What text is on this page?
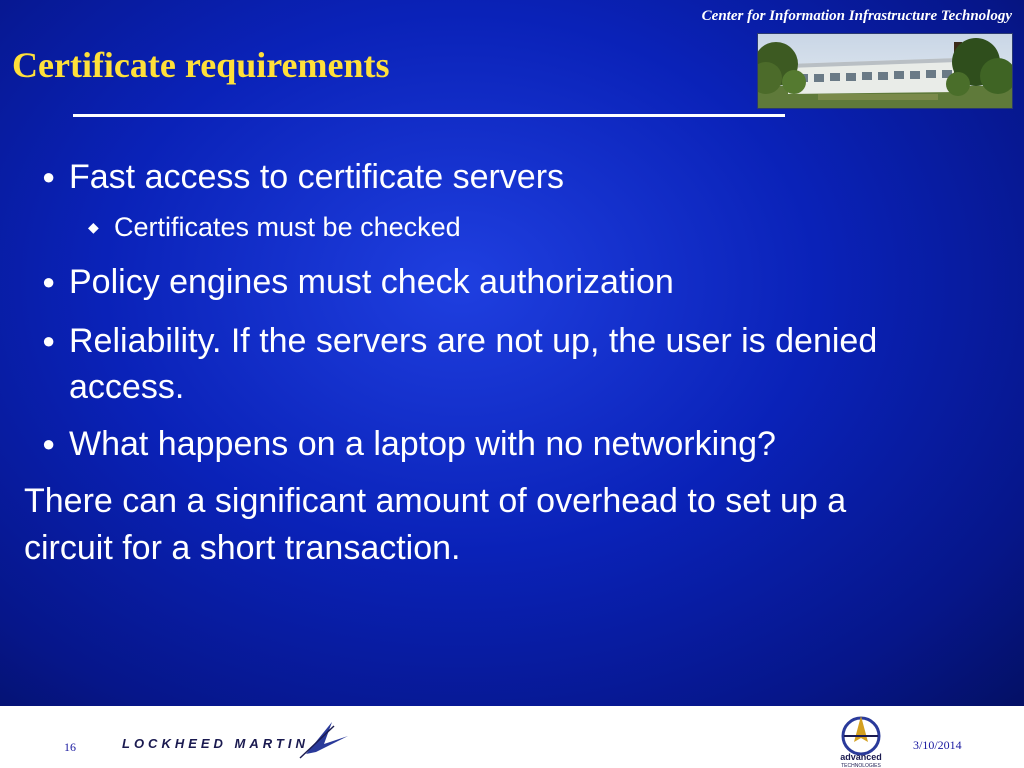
Center for Information Infrastructure Technology
Certificate requirements
● Fast access to certificate servers
◆ Certificates must be checked
● Policy engines must check authorization
● Reliability. If the servers are not up, the user is denied access.
● What happens on a laptop with no networking?
There can a significant amount of overhead to set up a circuit for a short transaction.
16	LOCKHEED MARTIN
advanced
TECHNOLOGIES
3/10/2014
